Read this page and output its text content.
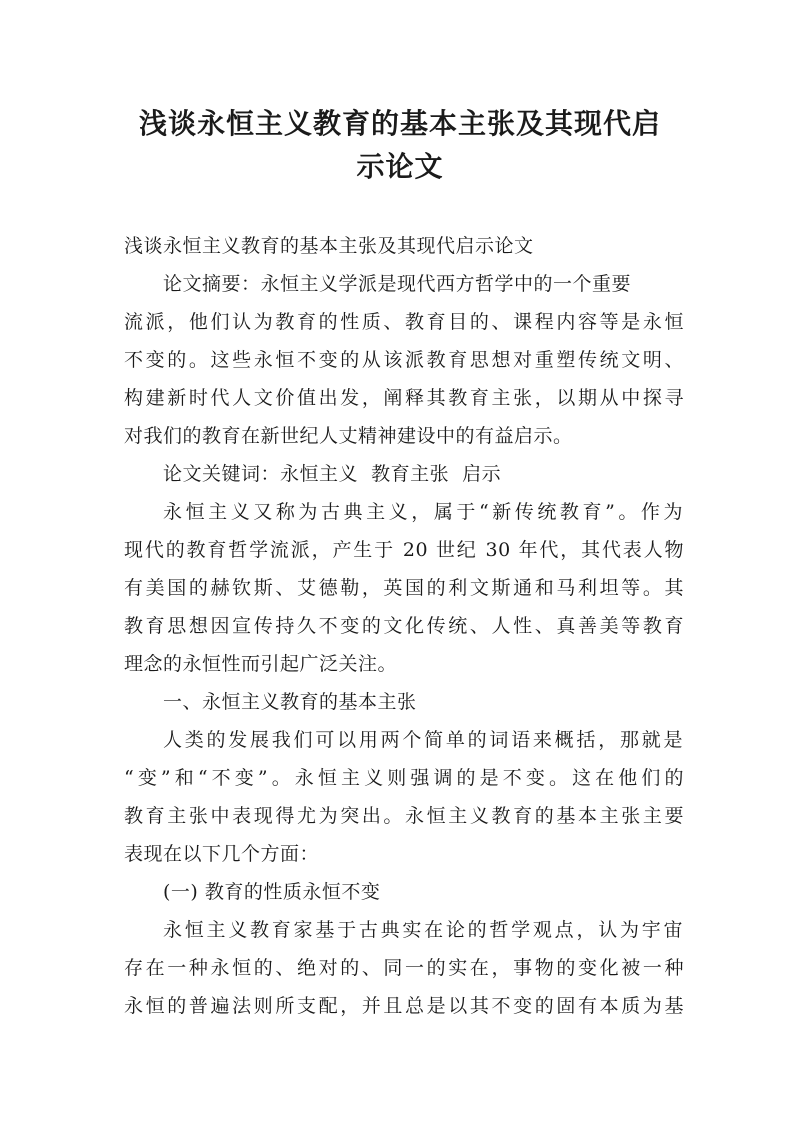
浅谈永恒主义教育的基本主张及其现代启
示论文
浅谈永恒主义教育的基本主张及其现代启示论文
论文摘要：永恒主义学派是现代西方哲学中的一个重要
流派，他们认为教育的性质、教育目的、课程内容等是永恒
不变的。这些永恒不变的从该派教育思想对重塑传统文明、
构建新时代人文价值出发，阐释其教育主张，以期从中探寻
对我们的教育在新世纪人丈精神建设中的有益启示。
论文关键词：永恒主义  教育主张  启示
永恒主义又称为古典主义，属于“新传统教育”。作为
现代的教育哲学流派，产生于 20 世纪 30 年代，其代表人物
有美国的赫钦斯、艾德勒，英国的利文斯通和马利坦等。其
教育思想因宣传持久不变的文化传统、人性、真善美等教育
理念的永恒性而引起广泛关注。
一、永恒主义教育的基本主张
人类的发展我们可以用两个简单的词语来概括，那就是
“变”和“不变”。永恒主义则强调的是不变。这在他们的
教育主张中表现得尤为突出。永恒主义教育的基本主张主要
表现在以下几个方面：
(一) 教育的性质永恒不变
永恒主义教育家基于古典实在论的哲学观点，认为宇宙
存在一种永恒的、绝对的、同一的实在，事物的变化被一种
永恒的普遍法则所支配，并且总是以其不变的固有本质为基
